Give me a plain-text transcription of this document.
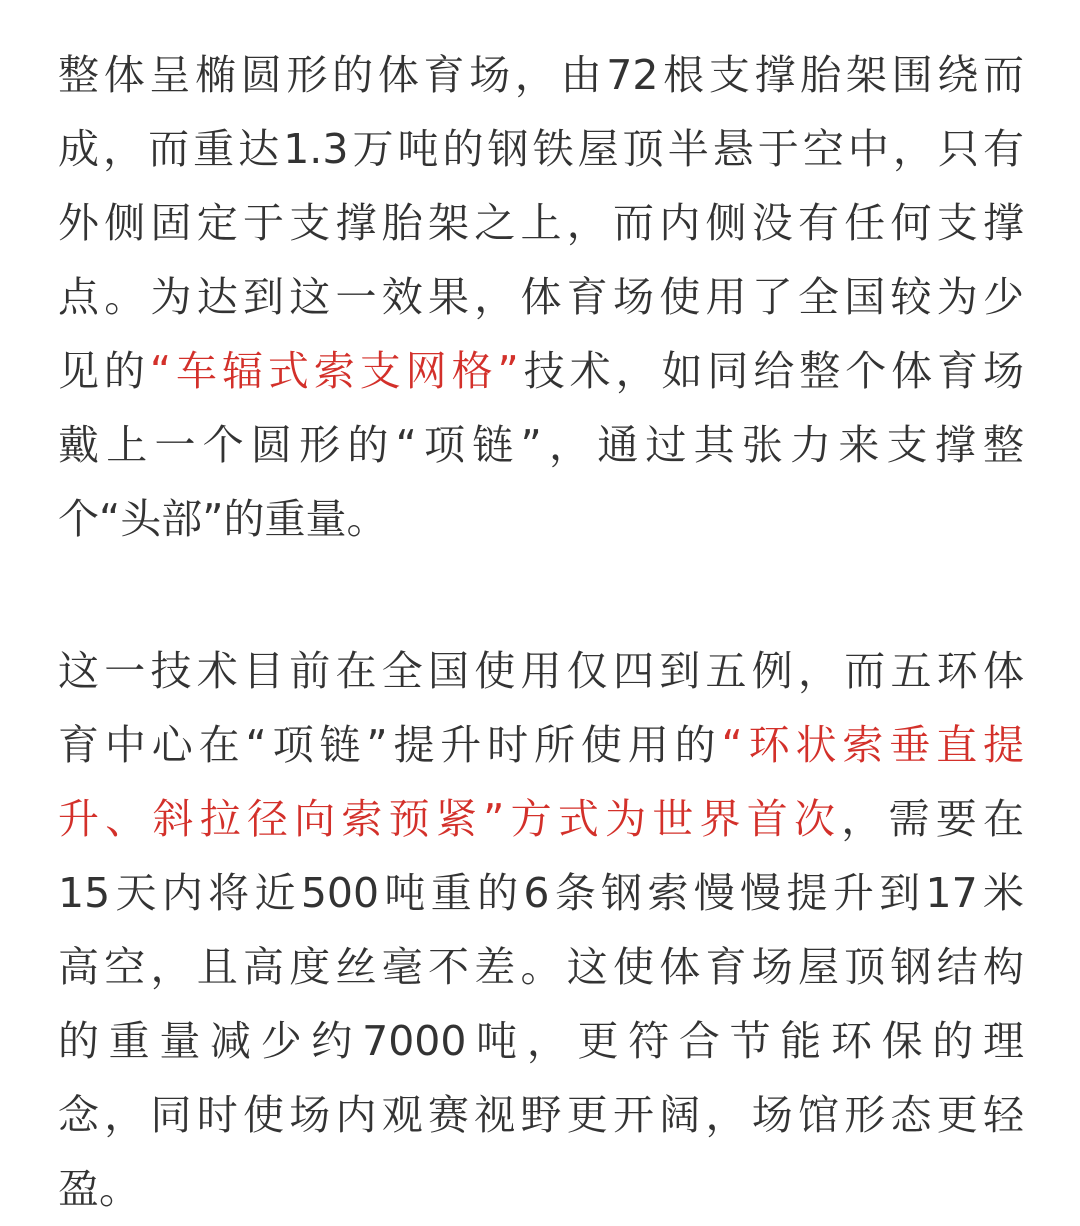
整体呈椭圆形的体育场，由72根支撑胎架围绕而
成，而重达1.3万吨的钢铁屋顶半悬于空中，只有
外侧固定于支撑胎架之上，而内侧没有任何支撑
点。为达到这一效果，体育场使用了全国较为少
见的“车辐式索支网格”技术，如同给整个体育场
戴上一个圆形的“项链”，通过其张力来支撑整
个“头部”的重量。
这一技术目前在全国使用仅四到五例，而五环体
育中心在“项链”提升时所使用的“环状索垂直提
升、斜拉径向索预紧”方式为世界首次，需要在
15天内将近500吨重的6条钢索慢慢提升到17米
高空，且高度丝毫不差。这使体育场屋顶钢结构
的重量减少约7000吨，更符合节能环保的理
念，同时使场内观赛视野更开阔，场馆形态更轻
盈。
